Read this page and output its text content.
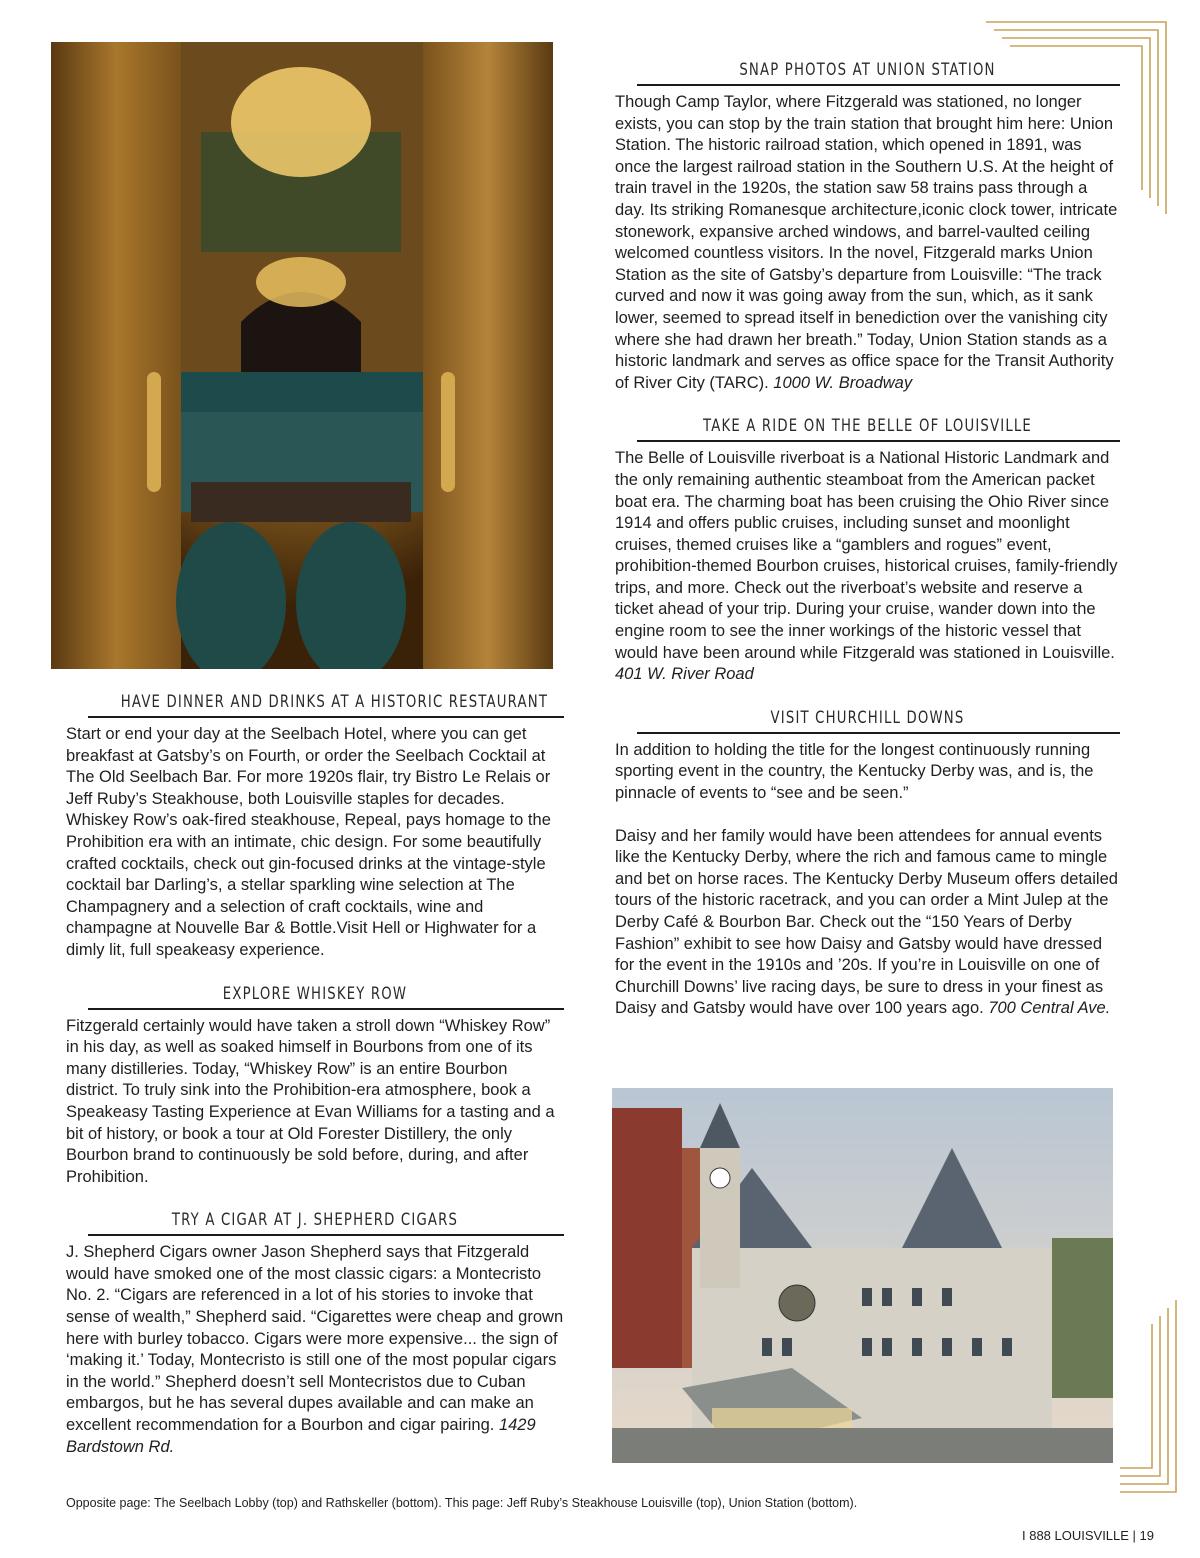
SNAP PHOTOS AT UNION STATION

Though Camp Taylor, where Fitzgerald was stationed, no longer exists, you can stop by the train station that brought him here: Union Station. The historic railroad station, which opened in 1891, was once the largest railroad station in the Southern U.S. At the height of train travel in the 1920s, the station saw 58 trains pass through a day. Its striking Romanesque architecture,iconic clock tower, intricate stonework, expansive arched windows, and barrel-vaulted ceiling welcomed countless visitors. In the novel, Fitzgerald marks Union Station as the site of Gatsby’s departure from Louisville: “The track curved and now it was going away from the sun, which, as it sank lower, seemed to spread itself in benediction over the vanishing city where she had drawn her breath.” Today, Union Station stands as a historic landmark and serves as office space for the Transit Authority of River City (TARC). 1000 W. Broadway

TAKE A RIDE ON THE BELLE OF LOUISVILLE

The Belle of Louisville riverboat is a National Historic Landmark and the only remaining authentic steamboat from the American packet boat era. The charming boat has been cruising the Ohio River since 1914 and offers public cruises, including sunset and moonlight cruises, themed cruises like a “gamblers and rogues” event, prohibition-themed Bourbon cruises, historical cruises, family-friendly trips, and more. Check out the riverboat’s website and reserve a ticket ahead of your trip. During your cruise, wander down into the engine room to see the inner workings of the historic vessel that would have been around while Fitzgerald was stationed in Louisville. 401 W. River Road

VISIT CHURCHILL DOWNS

In addition to holding the title for the longest continuously running sporting event in the country, the Kentucky Derby was, and is, the pinnacle of events to “see and be seen.”

Daisy and her family would have been attendees for annual events like the Kentucky Derby, where the rich and famous came to mingle and bet on horse races. The Kentucky Derby Museum offers detailed tours of the historic racetrack, and you can order a Mint Julep at the Derby Café & Bourbon Bar. Check out the “150 Years of Derby Fashion” exhibit to see how Daisy and Gatsby would have dressed for the event in the 1910s and ’20s. If you’re in Louisville on one of Churchill Downs’ live racing days, be sure to dress in your finest as Daisy and Gatsby would have over 100 years ago. 700 Central Ave.

HAVE DINNER AND DRINKS AT A HISTORIC RESTAURANT

Start or end your day at the Seelbach Hotel, where you can get breakfast at Gatsby’s on Fourth, or order the Seelbach Cocktail at The Old Seelbach Bar. For more 1920s flair, try Bistro Le Relais or Jeff Ruby’s Steakhouse, both Louisville staples for decades. Whiskey Row’s oak-fired steakhouse, Repeal, pays homage to the Prohibition era with an intimate, chic design. For some beautifully crafted cocktails, check out gin-focused drinks at the vintage-style cocktail bar Darling’s, a stellar sparkling wine selection at The Champagnery and a selection of craft cocktails, wine and champagne at Nouvelle Bar & Bottle.Visit Hell or Highwater for a dimly lit, full speakeasy experience.

EXPLORE WHISKEY ROW

Fitzgerald certainly would have taken a stroll down “Whiskey Row” in his day, as well as soaked himself in Bourbons from one of its many distilleries. Today, “Whiskey Row” is an entire Bourbon district. To truly sink into the Prohibition-era atmosphere, book a Speakeasy Tasting Experience at Evan Williams for a tasting and a bit of history, or book a tour at Old Forester Distillery, the only Bourbon brand to continuously be sold before, during, and after Prohibition.

TRY A CIGAR AT J. SHEPHERD CIGARS

J. Shepherd Cigars owner Jason Shepherd says that Fitzgerald would have smoked one of the most classic cigars: a Montecristo No. 2. “Cigars are referenced in a lot of his stories to invoke that sense of wealth,” Shepherd said. “Cigarettes were cheap and grown here with burley tobacco. Cigars were more expensive... the sign of ‘making it.’ Today, Montecristo is still one of the most popular cigars in the world.” Shepherd doesn’t sell Montecristos due to Cuban embargos, but he has several dupes available and can make an excellent recommendation for a Bourbon and cigar pairing. 1429 Bardstown Rd.

Opposite page: The Seelbach Lobby (top) and Rathskeller (bottom). This page: Jeff Ruby’s Steakhouse Louisville (top), Union Station (bottom).
I 888 LOUISVILLE | 19
